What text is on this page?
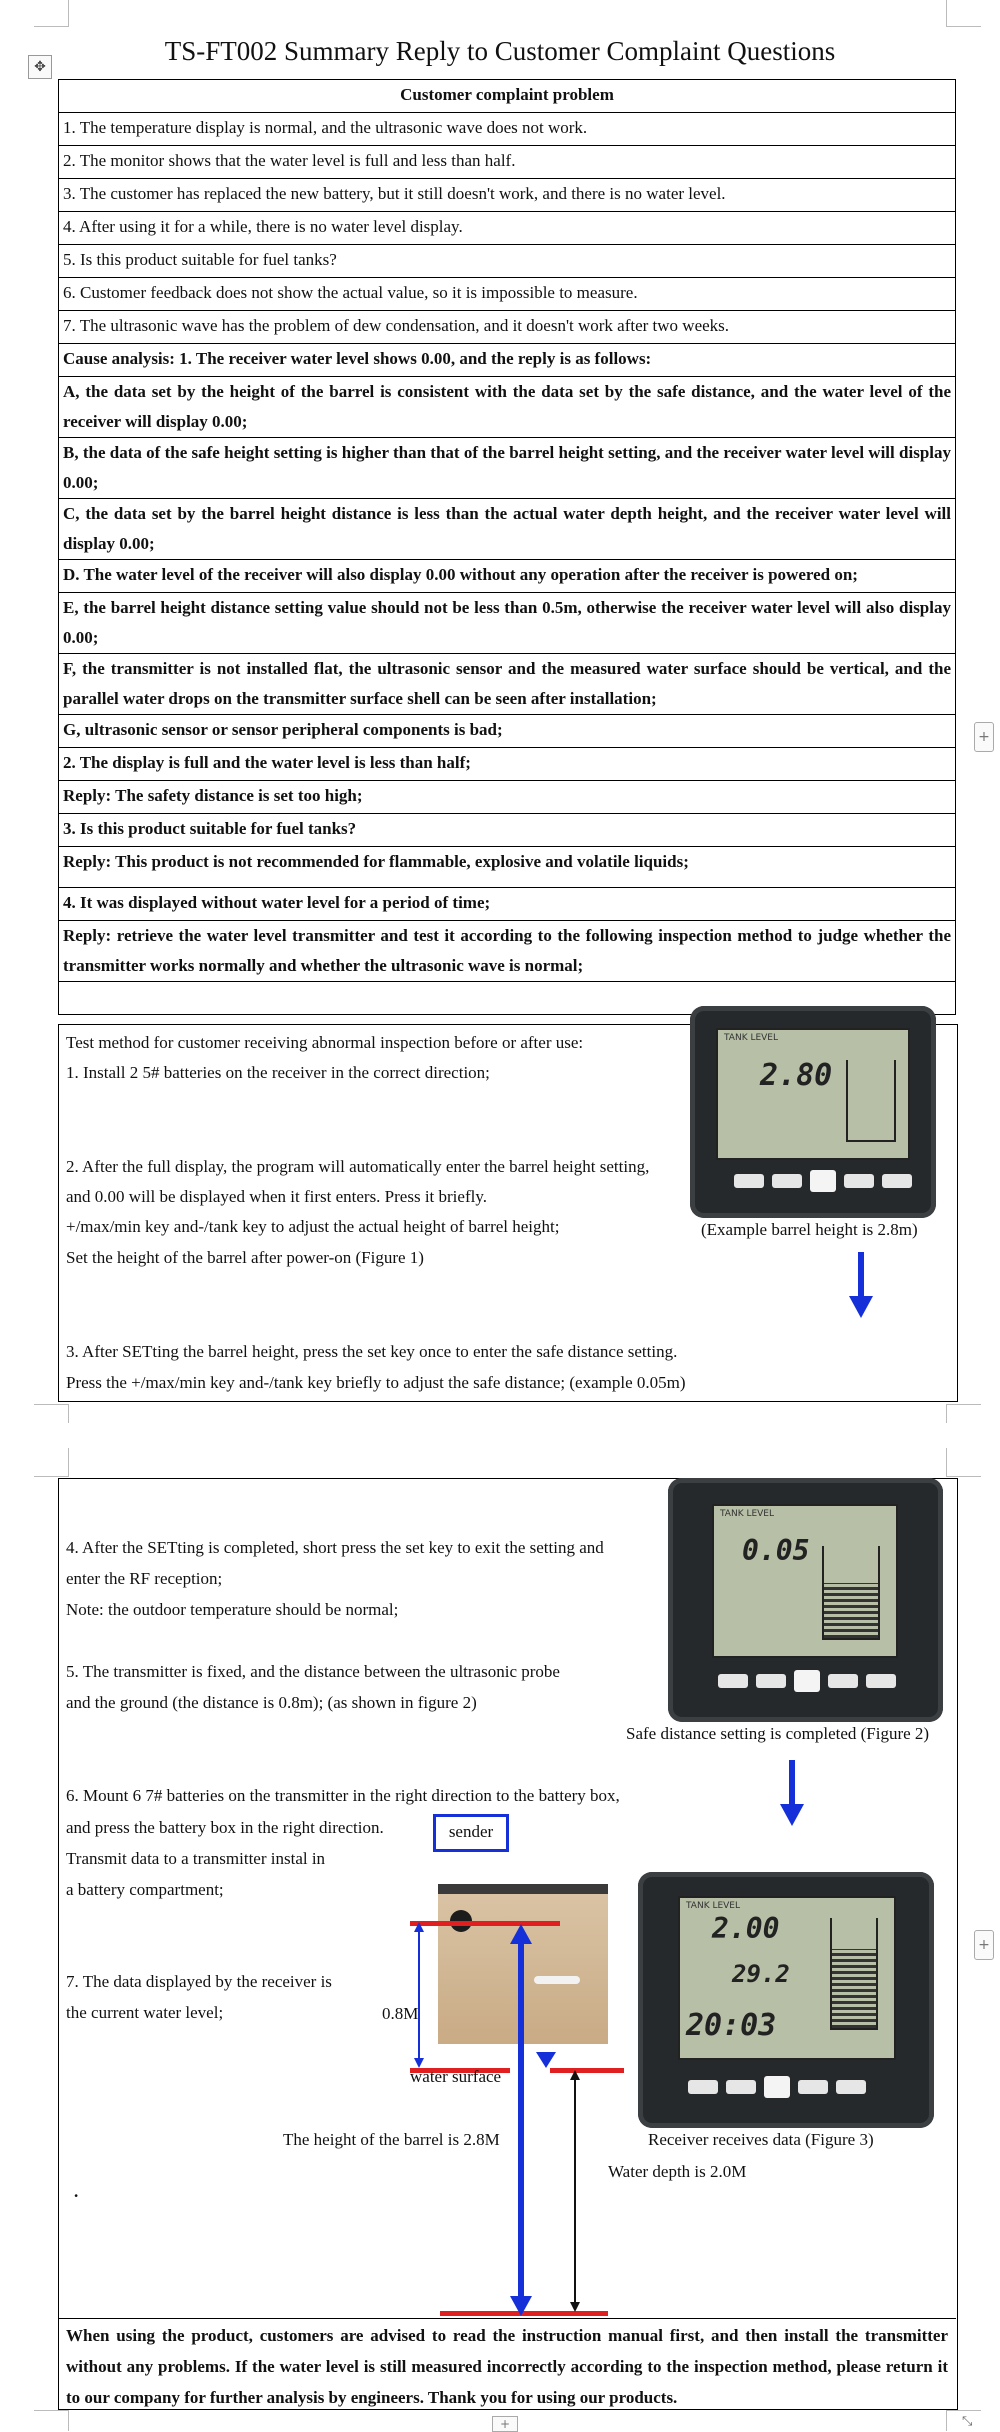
TS-FT002 Summary Reply to Customer Complaint Questions
✥
Customer complaint problem
1. The temperature display is normal, and the ultrasonic wave does not work.
2. The monitor shows that the water level is full and less than half.
3. The customer has replaced the new battery, but it still doesn't work, and there is no water level.
4. After using it for a while, there is no water level display.
5. Is this product suitable for fuel tanks?
6. Customer feedback does not show the actual value, so it is impossible to measure.
7. The ultrasonic wave has the problem of dew condensation, and it doesn't work after two weeks.
Cause analysis: 1. The receiver water level shows 0.00, and the reply is as follows:
A, the data set by the height of the barrel is consistent with the data set by the safe distance, and the water level of the receiver will display 0.00;
B, the data of the safe height setting is higher than that of the barrel height setting, and the receiver water level will display 0.00;
C, the data set by the barrel height distance is less than the actual water depth height, and the receiver water level will display 0.00;
D. The water level of the receiver will also display 0.00 without any operation after the receiver is powered on;
E, the barrel height distance setting value should not be less than 0.5m, otherwise the receiver water level will also display 0.00;
F, the transmitter is not installed flat, the ultrasonic sensor and the measured water surface should be vertical, and the parallel water drops on the transmitter surface shell can be seen after installation;
G, ultrasonic sensor or sensor peripheral components is bad;
2. The display is full and the water level is less than half;
Reply: The safety distance is set too high;
3. Is this product suitable for fuel tanks?
Reply: This product is not recommended for flammable, explosive and volatile liquids;
4. It was displayed without water level for a period of time;
Reply: retrieve the water level transmitter and test it according to the following inspection method to judge whether the transmitter works normally and whether the ultrasonic wave is normal;

Test method for customer receiving abnormal inspection before or after use:
1. Install 2 5# batteries on the receiver in the correct direction;
2. After the full display, the program will automatically enter the barrel height setting,
and 0.00 will be displayed when it first enters. Press it briefly.
+/max/min key and-/tank key to adjust the actual height of barrel height;
Set the height of the barrel after power-on (Figure 1)
3. After SETting the barrel height, press the set key once to enter the safe distance setting.
Press the +/max/min key and-/tank key briefly to adjust the safe distance; (example 0.05m)
TANK LEVEL
2.80
(Example barrel height is 2.8m)
4. After the SETting is completed, short press the set key to exit the setting and
enter the RF reception;
Note: the outdoor temperature should be normal;
5. The transmitter is fixed, and the distance between the ultrasonic probe
and the ground (the distance is 0.8m); (as shown in figure 2)
TANK LEVEL
0.05
Safe distance setting is completed (Figure 2)
6. Mount 6 7# batteries on the transmitter in the right direction to the battery box,
and press the battery box in the right direction.
Transmit data to a transmitter instal in
a battery compartment;
sender
7. The data displayed by the receiver is
the current water level;	0.8M
water surface
The height of the barrel is 2.8M
Water depth is 2.0M
.
TANK LEVEL
2.00
29.2
20:03
Receiver receives data (Figure 3)
When using the product, customers are advised to read the instruction manual first, and then install the transmitter without any problems. If the water level is still measured incorrectly according to the inspection method, please return it to our company for further analysis by engineers. Thank you for using our products.
+
+
+	⤡
